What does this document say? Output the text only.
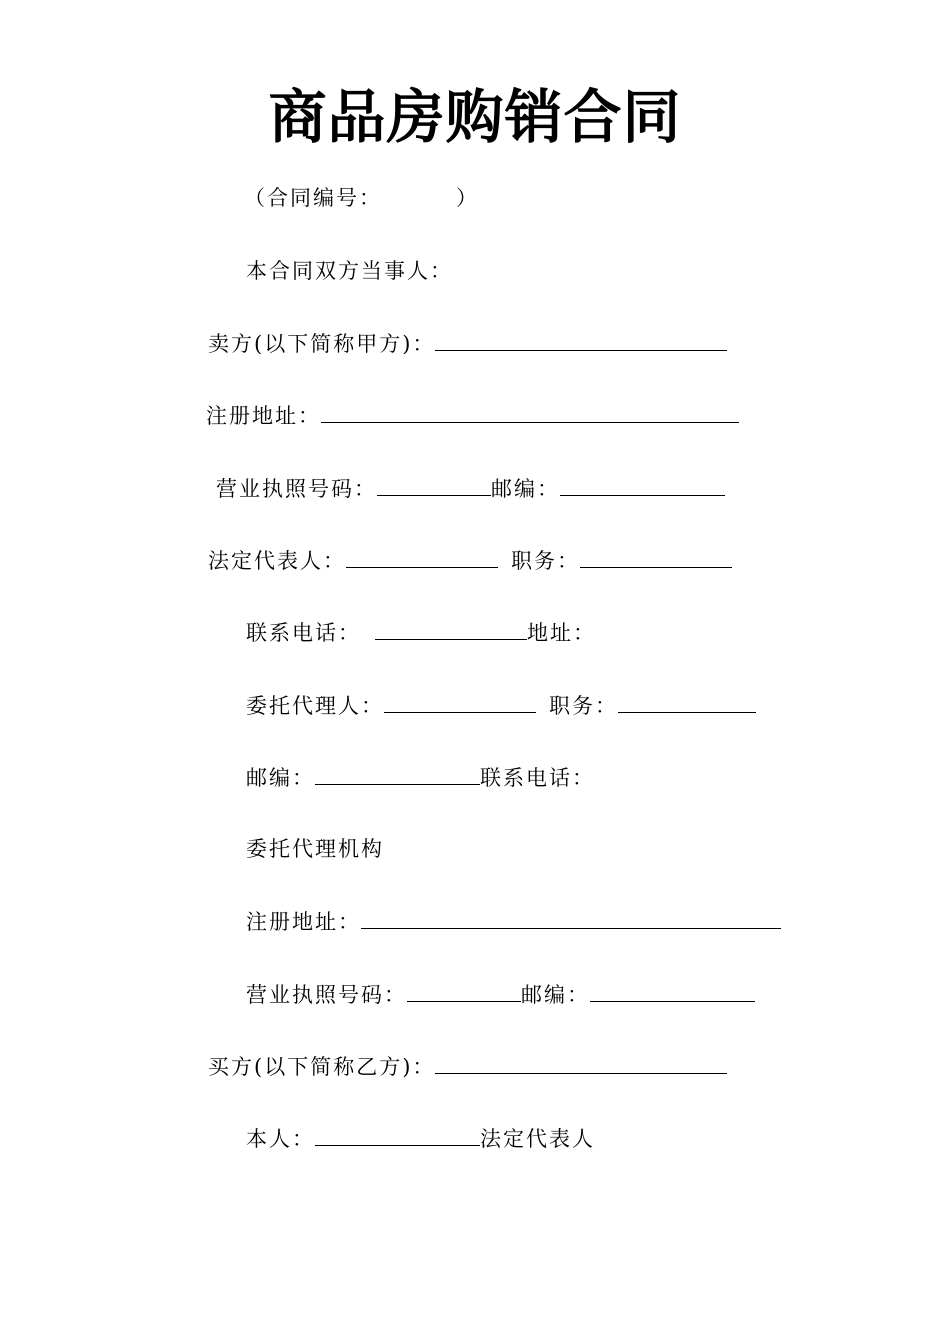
商品房购销合同
（合同编号：	）
本合同双方当事人：
卖方(以下简称甲方)：
注册地址：
营业执照号码：	邮编：
法定代表人：	职务：
联系电话：	地址：
委托代理人：	职务：
邮编：	联系电话：
委托代理机构
注册地址：
营业执照号码：	邮编：
买方(以下简称乙方)：
本人：	法定代表人
